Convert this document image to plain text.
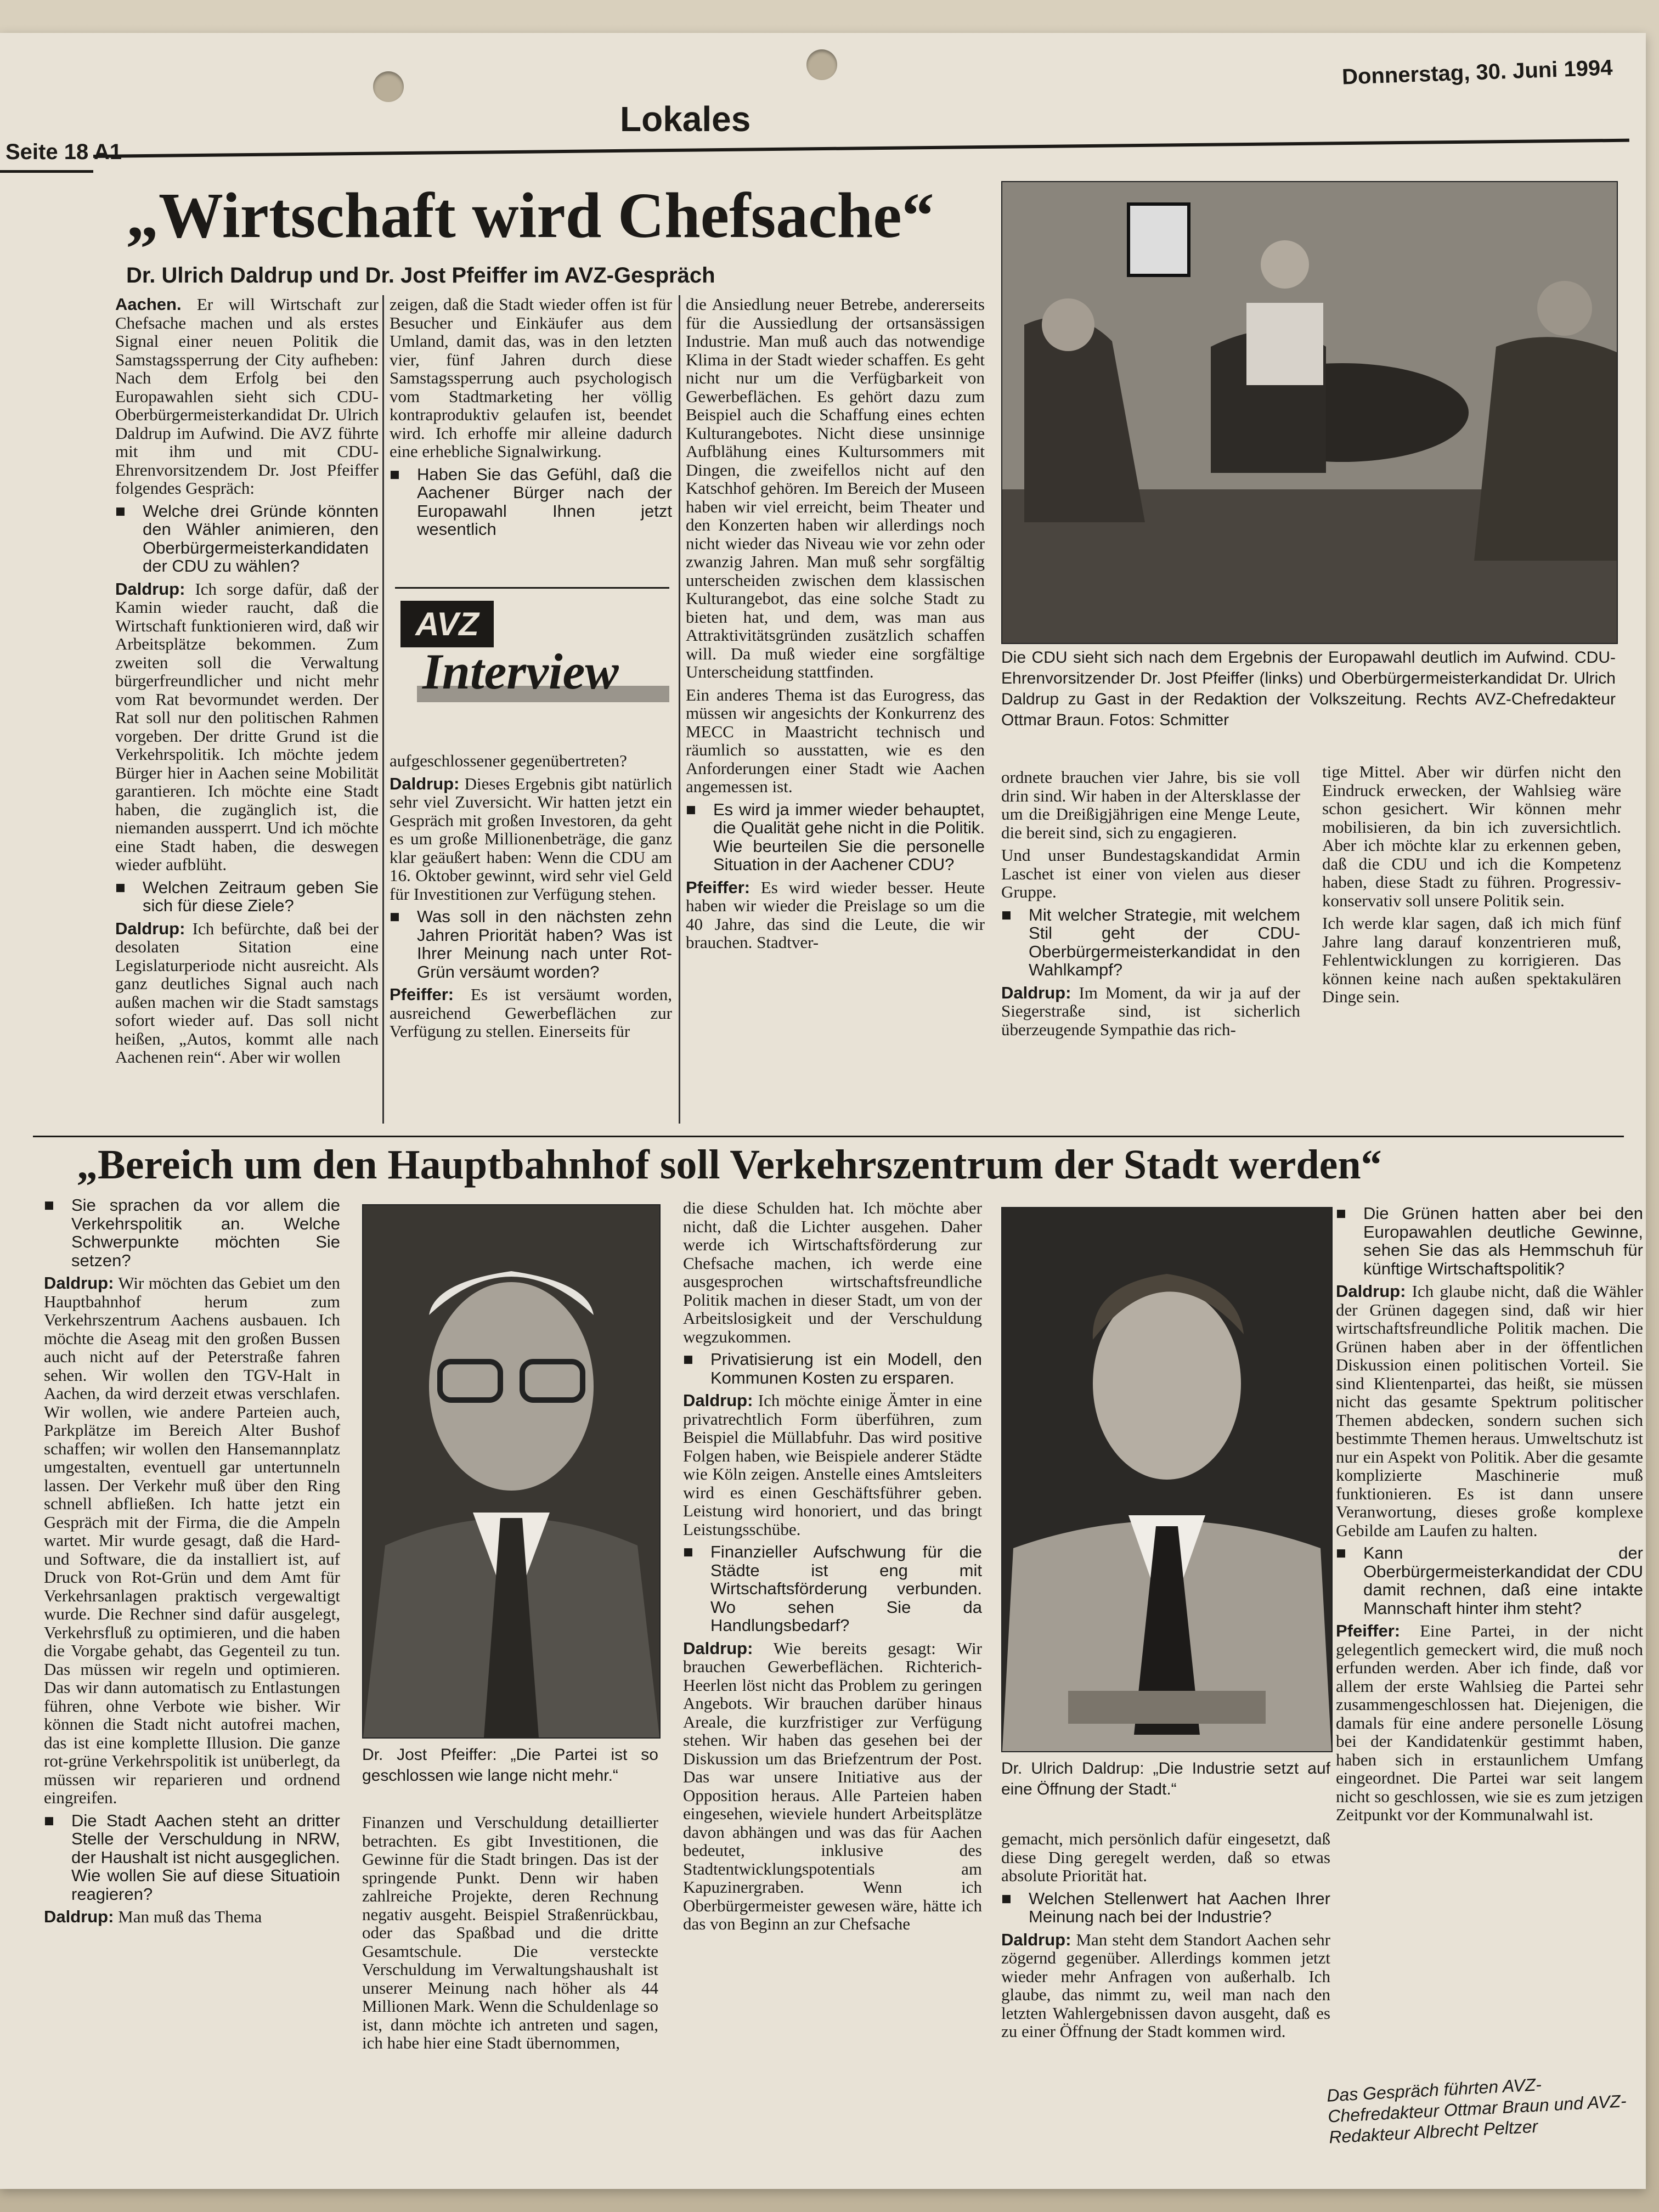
Seite 18 A1
Lokales
Donnerstag, 30. Juni 1994
„Wirtschaft wird Chefsache“
Dr. Ulrich Daldrup und Dr. Jost Pfeiffer im AVZ-Gespräch

Aachen. Er will Wirtschaft zur Chefsache machen und als erstes Signal einer neuen Politik die Samstagssperrung der City aufheben: Nach dem Erfolg bei den Europawahlen sieht sich CDU-Oberbürgermeisterkandidat Dr. Ulrich Daldrup im Aufwind. Die AVZ führte mit ihm und mit CDU-Ehrenvorsitzendem Dr. Jost Pfeiffer folgendes Gespräch:

■ Welche drei Gründe könnten den Wähler animieren, den Oberbürgermeisterkandidaten der CDU zu wählen?

Daldrup: Ich sorge dafür, daß der Kamin wieder raucht, daß die Wirtschaft funktionieren wird, daß wir Arbeitsplätze bekommen. Zum zweiten soll die Verwaltung bürgerfreundlicher und nicht mehr vom Rat bevormundet werden. Der Rat soll nur den politischen Rahmen vorgeben. Der dritte Grund ist die Verkehrspolitik. Ich möchte jedem Bürger hier in Aachen seine Mobilität garantieren. Ich möchte eine Stadt haben, die zugänglich ist, die niemanden aussperrt. Und ich möchte eine Stadt haben, die deswegen wieder aufblüht.

■ Welchen Zeitraum geben Sie sich für diese Ziele?

Daldrup: Ich befürchte, daß bei der desolaten Sitation eine Legislaturperiode nicht ausreicht. Als ganz deutliches Signal auch nach außen machen wir die Stadt samstags sofort wieder auf. Das soll nicht heißen, „Autos, kommt alle nach Aachenen rein“. Aber wir wollen

zeigen, daß die Stadt wieder offen ist für Besucher und Einkäufer aus dem Umland, damit das, was in den letzten vier, fünf Jahren durch diese Samstagssperrung auch psychologisch vom Stadtmarketing her völlig kontraproduktiv gelaufen ist, beendet wird. Ich erhoffe mir alleine dadurch eine erhebliche Signalwirkung.

■ Haben Sie das Gefühl, daß die Aachener Bürger nach der Europawahl Ihnen jetzt wesentlich

AVZ
Interview

aufgeschlossener gegenübertreten?

Daldrup: Dieses Ergebnis gibt natürlich sehr viel Zuversicht. Wir hatten jetzt ein Gespräch mit großen Investoren, da geht es um große Millionenbeträge, die ganz klar geäußert haben: Wenn die CDU am 16. Oktober gewinnt, wird sehr viel Geld für Investitionen zur Verfügung stehen.

■ Was soll in den nächsten zehn Jahren Priorität haben? Was ist Ihrer Meinung nach unter Rot-Grün versäumt worden?

Pfeiffer: Es ist versäumt worden, ausreichend Gewerbeflächen zur Verfügung zu stellen. Einerseits für

die Ansiedlung neuer Betrebe, andererseits für die Aussiedlung der ortsansässigen Industrie. Man muß auch das notwendige Klima in der Stadt wieder schaffen. Es geht nicht nur um die Verfügbarkeit von Gewerbeflächen. Es gehört dazu zum Beispiel auch die Schaffung eines echten Kulturangebotes. Nicht diese unsinnige Aufblähung eines Kultursommers mit Dingen, die zweifellos nicht auf den Katschhof gehören. Im Bereich der Museen haben wir viel erreicht, beim Theater und den Konzerten haben wir allerdings noch nicht wieder das Niveau wie vor zehn oder zwanzig Jahren. Man muß sehr sorgfältig unterscheiden zwischen dem klassischen Kulturangebot, das eine solche Stadt zu bieten hat, und dem, was man aus Attraktivitätsgründen zusätzlich schaffen will. Da muß wieder eine sorgfältige Unterscheidung stattfinden.

Ein anderes Thema ist das Eurogress, das müssen wir angesichts der Konkurrenz des MECC in Maastricht technisch und räumlich so ausstatten, wie es den Anforderungen einer Stadt wie Aachen angemessen ist.

■ Es wird ja immer wieder behauptet, die Qualität gehe nicht in die Politik. Wie beurteilen Sie die personelle Situation in der Aachener CDU?

Pfeiffer: Es wird wieder besser. Heute haben wir wieder die Preislage so um die 40 Jahre, das sind die Leute, die wir brauchen. Stadtver-

Die CDU sieht sich nach dem Ergebnis der Europawahl deutlich im Aufwind. CDU-Ehrenvorsitzender Dr. Jost Pfeiffer (links) und Oberbürgermeisterkandidat Dr. Ulrich Daldrup zu Gast in der Redaktion der Volkszeitung. Rechts AVZ-Chefredakteur Ottmar Braun. Fotos: Schmitter

ordnete brauchen vier Jahre, bis sie voll drin sind. Wir haben in der Altersklasse der um die Dreißigjährigen eine Menge Leute, die bereit sind, sich zu engagieren.

Und unser Bundestagskandidat Armin Laschet ist einer von vielen aus dieser Gruppe.

■ Mit welcher Strategie, mit welchem Stil geht der CDU-Oberbürgermeisterkandidat in den Wahlkampf?

Daldrup: Im Moment, da wir ja auf der Siegerstraße sind, ist sicherlich überzeugende Sympathie das rich-

tige Mittel. Aber wir dürfen nicht den Eindruck erwecken, der Wahlsieg wäre schon gesichert. Wir können mehr mobilisieren, da bin ich zuversichtlich. Aber ich möchte klar zu erkennen geben, daß die CDU und ich die Kompetenz haben, diese Stadt zu führen. Progressiv-konservativ soll unsere Politik sein.

Ich werde klar sagen, daß ich mich fünf Jahre lang darauf konzentrieren muß, Fehlentwicklungen zu korrigieren. Das können keine nach außen spektakulären Dinge sein.

„Bereich um den Hauptbahnhof soll Verkehrszentrum der Stadt werden“

■ Sie sprachen da vor allem die Verkehrspolitik an. Welche Schwerpunkte möchten Sie setzen?

Daldrup: Wir möchten das Gebiet um den Hauptbahnhof herum zum Verkehrszentrum Aachens ausbauen. Ich möchte die Aseag mit den großen Bussen auch nicht auf der Peterstraße fahren sehen. Wir wollen den TGV-Halt in Aachen, da wird derzeit etwas verschlafen. Wir wollen, wie andere Parteien auch, Parkplätze im Bereich Alter Bushof schaffen; wir wollen den Hansemannplatz umgestalten, eventuell gar untertunneln lassen. Der Verkehr muß über den Ring schnell abfließen. Ich hatte jetzt ein Gespräch mit der Firma, die die Ampeln wartet. Mir wurde gesagt, daß die Hard- und Software, die da installiert ist, auf Druck von Rot-Grün und dem Amt für Verkehrsanlagen praktisch vergewaltigt wurde. Die Rechner sind dafür ausgelegt, Verkehrsfluß zu optimieren, und die haben die Vorgabe gehabt, das Gegenteil zu tun. Das müssen wir regeln und optimieren. Das wir dann automatisch zu Entlastungen führen, ohne Verbote wie bisher. Wir können die Stadt nicht autofrei machen, das ist eine komplette Illusion. Die ganze rot-grüne Verkehrspolitik ist unüberlegt, da müssen wir reparieren und ordnend eingreifen.

■ Die Stadt Aachen steht an dritter Stelle der Verschuldung in NRW, der Haushalt ist nicht ausgeglichen. Wie wollen Sie auf diese Situatioin reagieren?

Daldrup: Man muß das Thema

Dr. Jost Pfeiffer: „Die Partei ist so geschlossen wie lange nicht mehr.“

Finanzen und Verschuldung detaillierter betrachten. Es gibt Investitionen, die Gewinne für die Stadt bringen. Das ist der springende Punkt. Denn wir haben zahlreiche Projekte, deren Rechnung negativ ausgeht. Beispiel Straßenrückbau, oder das Spaßbad und die dritte Gesamtschule. Die versteckte Verschuldung im Verwaltungshaushalt ist unserer Meinung nach höher als 44 Millionen Mark. Wenn die Schuldenlage so ist, dann möchte ich antreten und sagen, ich habe hier eine Stadt übernommen,

die diese Schulden hat. Ich möchte aber nicht, daß die Lichter ausgehen. Daher werde ich Wirtschaftsförderung zur Chefsache machen, ich werde eine ausgesprochen wirtschaftsfreundliche Politik machen in dieser Stadt, um von der Arbeitslosigkeit und der Verschuldung wegzukommen.

■ Privatisierung ist ein Modell, den Kommunen Kosten zu ersparen.

Daldrup: Ich möchte einige Ämter in eine privatrechtlich Form überführen, zum Beispiel die Müllabfuhr. Das wird positive Folgen haben, wie Beispiele anderer Städte wie Köln zeigen. Anstelle eines Amtsleiters wird es einen Geschäftsführer geben. Leistung wird honoriert, und das bringt Leistungsschübe.

■ Finanzieller Aufschwung für die Städte ist eng mit Wirtschaftsförderung verbunden. Wo sehen Sie da Handlungsbedarf?

Daldrup: Wie bereits gesagt: Wir brauchen Gewerbeflächen. Richterich-Heerlen löst nicht das Problem zu geringen Angebots. Wir brauchen darüber hinaus Areale, die kurzfristiger zur Verfügung stehen. Wir haben das gesehen bei der Diskussion um das Briefzentrum der Post. Das war unsere Initiative aus der Opposition heraus. Alle Parteien haben eingesehen, wieviele hundert Arbeitsplätze davon abhängen und was das für Aachen bedeutet, inklusive des Stadtentwicklungspotentials am Kapuzinergraben. Wenn ich Oberbürgermeister gewesen wäre, hätte ich das von Beginn an zur Chefsache

Dr. Ulrich Daldrup: „Die Industrie setzt auf eine Öffnung der Stadt.“

gemacht, mich persönlich dafür eingesetzt, daß diese Ding geregelt werden, daß so etwas absolute Priorität hat.

■ Welchen Stellenwert hat Aachen Ihrer Meinung nach bei der Industrie?

Daldrup: Man steht dem Standort Aachen sehr zögernd gegenüber. Allerdings kommen jetzt wieder mehr Anfragen von außerhalb. Ich glaube, das nimmt zu, weil man nach den letzten Wahlergebnissen davon ausgeht, daß es zu einer Öffnung der Stadt kommen wird.

■ Die Grünen hatten aber bei den Europawahlen deutliche Gewinne, sehen Sie das als Hemmschuh für künftige Wirtschaftspolitik?

Daldrup: Ich glaube nicht, daß die Wähler der Grünen dagegen sind, daß wir hier wirtschaftsfreundliche Politik machen. Die Grünen haben aber in der öffentlichen Diskussion einen politischen Vorteil. Sie sind Klientenpartei, das heißt, sie müssen nicht das gesamte Spektrum politischer Themen abdecken, sondern suchen sich bestimmte Themen heraus. Umweltschutz ist nur ein Aspekt von Politik. Aber die gesamte komplizierte Maschinerie muß funktionieren. Es ist dann unsere Veranwortung, dieses große komplexe Gebilde am Laufen zu halten.

■ Kann der Oberbürgermeisterkandidat der CDU damit rechnen, daß eine intakte Mannschaft hinter ihm steht?

Pfeiffer: Eine Partei, in der nicht gelegentlich gemeckert wird, die muß noch erfunden werden. Aber ich finde, daß vor allem der erste Wahlsieg die Partei sehr zusammengeschlossen hat. Diejenigen, die damals für eine andere personelle Lösung bei der Kandidatenkür gestimmt haben, haben sich in erstaunlichem Umfang eingeordnet. Die Partei war seit langem nicht so geschlossen, wie sie es zum jetzigen Zeitpunkt vor der Kommunalwahl ist.

Das Gespräch führten AVZ-Chefredakteur Ottmar Braun und AVZ-Redakteur Albrecht Peltzer
